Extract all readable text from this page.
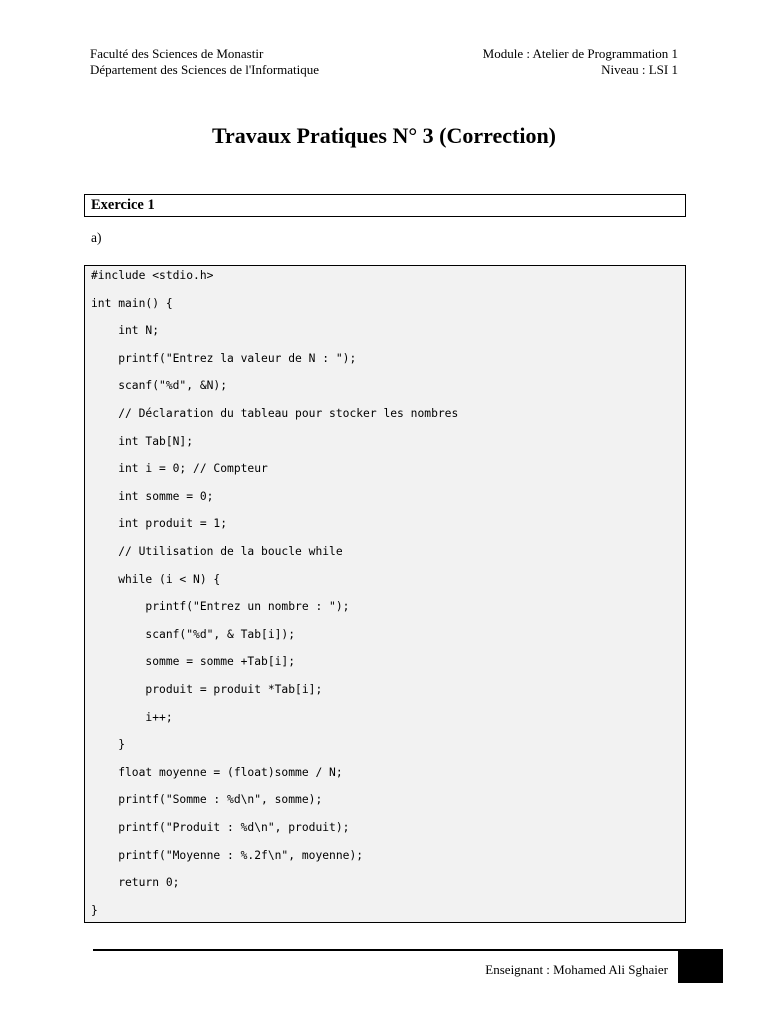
Faculté des Sciences de Monastir
Département des Sciences de l'Informatique
Module : Atelier de Programmation 1
Niveau : LSI 1
Travaux Pratiques N° 3 (Correction)
Exercice 1
a)
#include <stdio.h>
int main() {
int N;
printf("Entrez la valeur de N : ");
scanf("%d", &N);
// Déclaration du tableau pour stocker les nombres
int Tab[N];
int i = 0; // Compteur
int somme = 0;
int produit = 1;
// Utilisation de la boucle while
while (i < N) {
printf("Entrez un nombre : ");
scanf("%d", & Tab[i]);
somme = somme +Tab[i];
produit = produit *Tab[i];
i++;
}
float moyenne = (float)somme / N;
printf("Somme : %d\n", somme);
printf("Produit : %d\n", produit);
printf("Moyenne : %.2f\n", moyenne);
return 0;
}
Enseignant : Mohamed Ali Sghaier
